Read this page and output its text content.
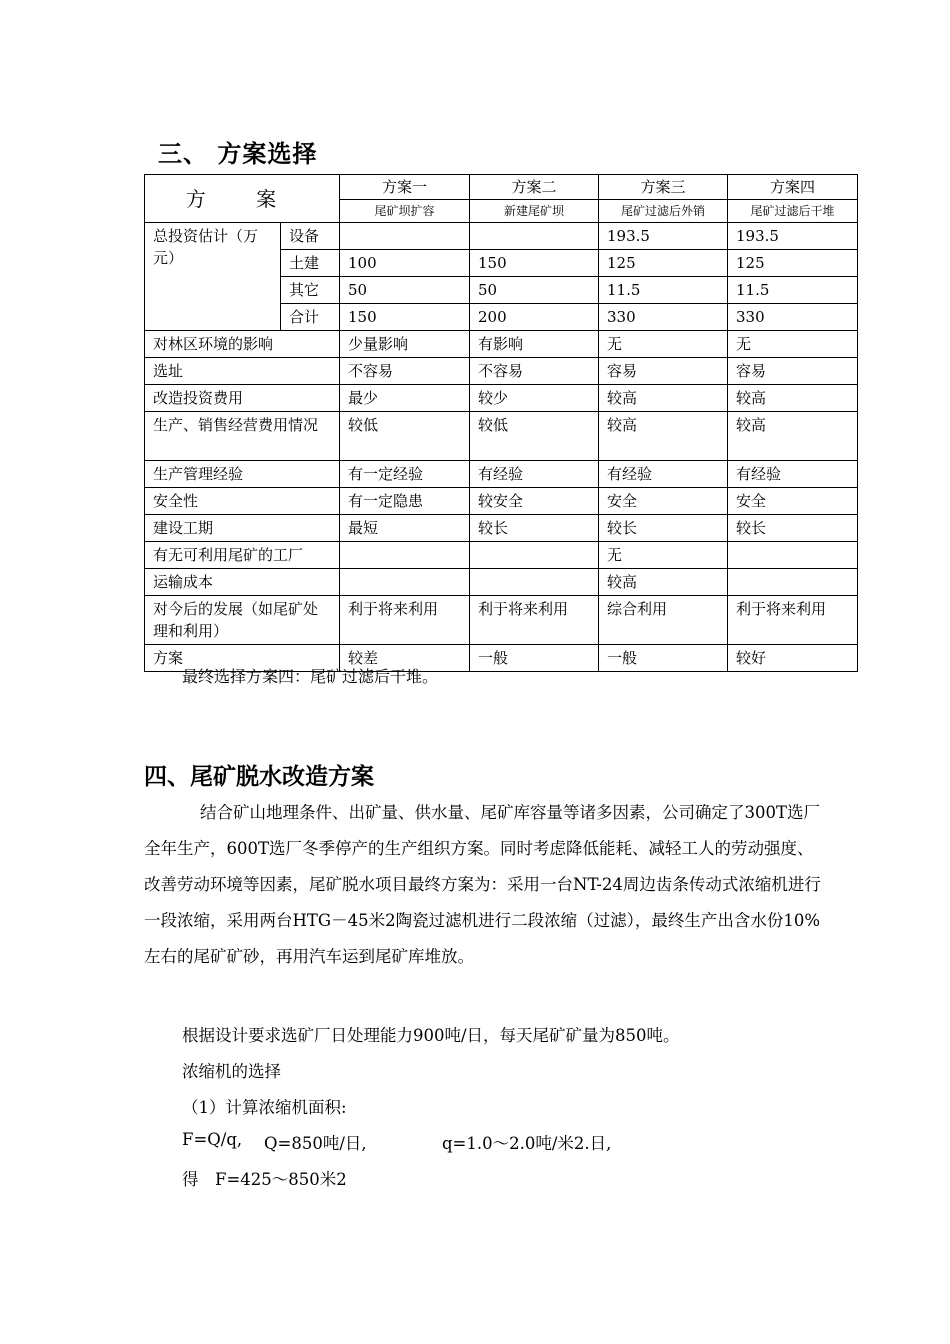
三、 方案选择
方 案		方案一	方案二	方案三	方案四
		尾矿坝扩容	新建尾矿坝	尾矿过滤后外销	尾矿过滤后干堆
总投资估计（万元）	设备			193.5	193.5
	土建	100	150	125	125
	其它	50	50	11.5	11.5
	合计	150	200	330	330
对林区环境的影响		少量影响	有影响	无	无
选址		不容易	不容易	容易	容易
改造投资费用		最少	较少	较高	较高
生产、销售经营费用情况		较低	较低	较高	较高
生产管理经验		有一定经验	有经验	有经验	有经验
安全性		有一定隐患	较安全	安全	安全
建设工期		最短	较长	较长	较长
有无可利用尾矿的工厂				无	
运输成本				较高	
对今后的发展（如尾矿处理和利用）		利于将来利用	利于将来利用	综合利用	利于将来利用
方案		较差	一般	一般	较好
最终选择方案四：尾矿过滤后干堆。
四、尾矿脱水改造方案
结合矿山地理条件、出矿量、供水量、尾矿库容量等诸多因素，公司确定了300T选厂全年生产，600T选厂冬季停产的生产组织方案。同时考虑降低能耗、减轻工人的劳动强度、改善劳动环境等因素，尾矿脱水项目最终方案为：采用一台NT-24周边齿条传动式浓缩机进行一段浓缩，采用两台HTG－45米2陶瓷过滤机进行二段浓缩（过滤），最终生产出含水份10%左右的尾矿矿砂，再用汽车运到尾矿库堆放。
根据设计要求选矿厂日处理能力900吨/日，每天尾矿矿量为850吨。
浓缩机的选择
（1）计算浓缩机面积:
F=Q/q, Q=850吨/日,	q=1.0～2.0吨/米2.日,
得　F=425～850米2
